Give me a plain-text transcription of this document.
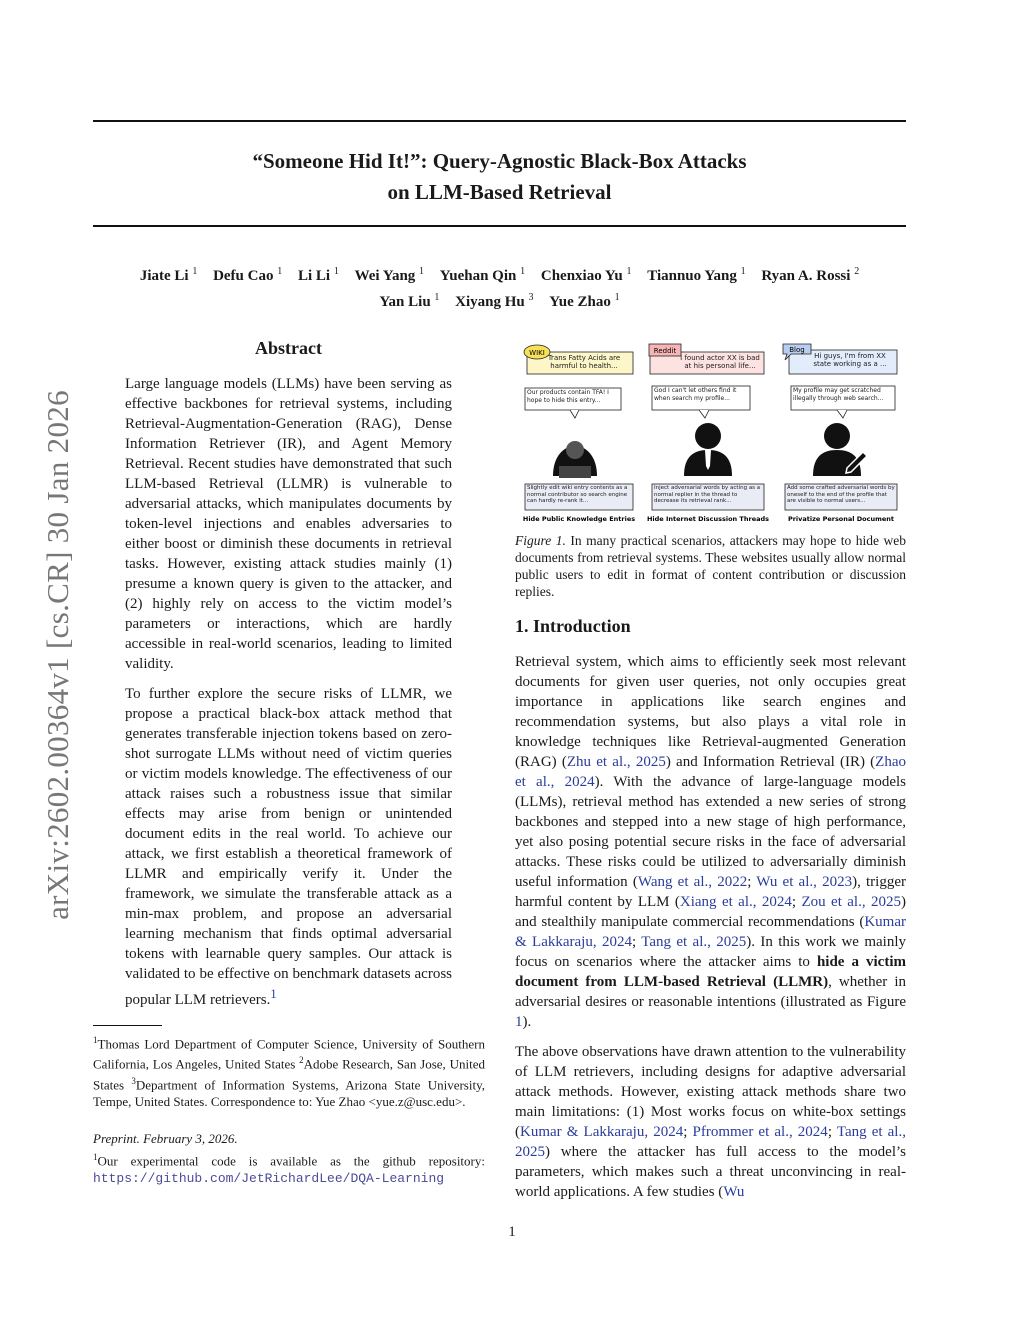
“Someone Hid It!”: Query-Agnostic Black-Box Attacks
on LLM-Based Retrieval
Jiate Li $^1$ Defu Cao $^1$ Li Li $^1$ Wei Yang $^1$ Yuehan Qin $^1$ Chenxiao Yu $^1$ Tiannuo Yang $^1$ Ryan A. Rossi $^2$
Yan Liu $^1$ Xiyang Hu $^3$ Yue Zhao $^1$
arXiv:2602.00364v1 [cs.CR] 30 Jan 2026
Abstract

Large language models (LLMs) have been serving as effective backbones for retrieval systems, including Retrieval-Augmentation-Generation (RAG), Dense Information Retriever (IR), and Agent Memory Retrieval. Recent studies have demonstrated that such LLM-based Retrieval (LLMR) is vulnerable to adversarial attacks, which manipulates documents by token-level injections and enables adversaries to either boost or diminish these documents in retrieval tasks. However, existing attack studies mainly (1) presume a known query is given to the attacker, and (2) highly rely on access to the victim model’s parameters or interactions, which are hardly accessible in real-world scenarios, leading to limited validity.

To further explore the secure risks of LLMR, we propose a practical black-box attack method that generates transferable injection tokens based on zero-shot surrogate LLMs without need of victim queries or victim models knowledge. The effectiveness of our attack raises such a robustness issue that similar effects may arise from benign or unintended document edits in the real world. To achieve our attack, we first establish a theoretical framework of LLMR and empirically verify it. Under the framework, we simulate the transferable attack as a min-max problem, and propose an adversarial learning mechanism that finds optimal adversarial tokens with learnable query samples. Our attack is validated to be effective on benchmark datasets across popular LLM retrievers.$^1$

$^1$Thomas Lord Department of Computer Science, University of Southern California, Los Angeles, United States $^2$Adobe Research, San Jose, United States $^3$Department of Information Systems, Arizona State University, Tempe, United States. Correspondence to: Yue Zhao <yue.z@usc.edu>.

Preprint. February 3, 2026.

$^1$Our experimental code is available as the github repository: https://github.com/JetRichardLee/DQA-Learning

WIKI
Trans Fatty Acids are harmful to health...
Our products contain TFA! I hope to hide this entry...
Slightly edit wiki entry contents as a normal contributor so search engine can hardly re-rank it...
Hide Public Knowledge Entries
Reddit
I found actor XX is bad at his personal life...
God I can't let others find it when search my profile...
Inject adversarial words by acting as a normal replier in the thread to decrease its retrieval rank...
Hide Internet Discussion Threads
Blog
Hi guys, I'm from XX state working as a ...
My profile may get scratched illegally through web search...
Add some crafted adversarial words by oneself to the end of the profile that are visible to normal users...
Privatize Personal Document

Figure 1. In many practical scenarios, attackers may hope to hide web documents from retrieval systems. These websites usually allow normal public users to edit in format of content contribution or discussion replies.

1. Introduction

Retrieval system, which aims to efficiently seek most relevant documents for given user queries, not only occupies great importance in applications like search engines and recommendation systems, but also plays a vital role in knowledge techniques like Retrieval-augmented Generation (RAG) (Zhu et al., 2025) and Information Retrieval (IR) (Zhao et al., 2024). With the advance of large-language models (LLMs), retrieval method has extended a new series of strong backbones and stepped into a new stage of high performance, yet also posing potential secure risks in the face of adversarial attacks. These risks could be utilized to adversarially diminish useful information (Wang et al., 2022; Wu et al., 2023), trigger harmful content by LLM (Xiang et al., 2024; Zou et al., 2025) and stealthily manipulate commercial recommendations (Kumar & Lakkaraju, 2024; Tang et al., 2025). In this work we mainly focus on scenarios where the attacker aims to hide a victim document from LLM-based Retrieval (LLMR), whether in adversarial desires or reasonable intentions (illustrated as Figure 1).

The above observations have drawn attention to the vulnerability of LLM retrievers, including designs for adaptive adversarial attack methods. However, existing attack methods share two main limitations: (1) Most works focus on white-box settings (Kumar & Lakkaraju, 2024; Pfrommer et al., 2024; Tang et al., 2025) where the attacker has full access to the model’s parameters, which makes such a threat unconvincing in real-world applications. A few studies (Wu

1
